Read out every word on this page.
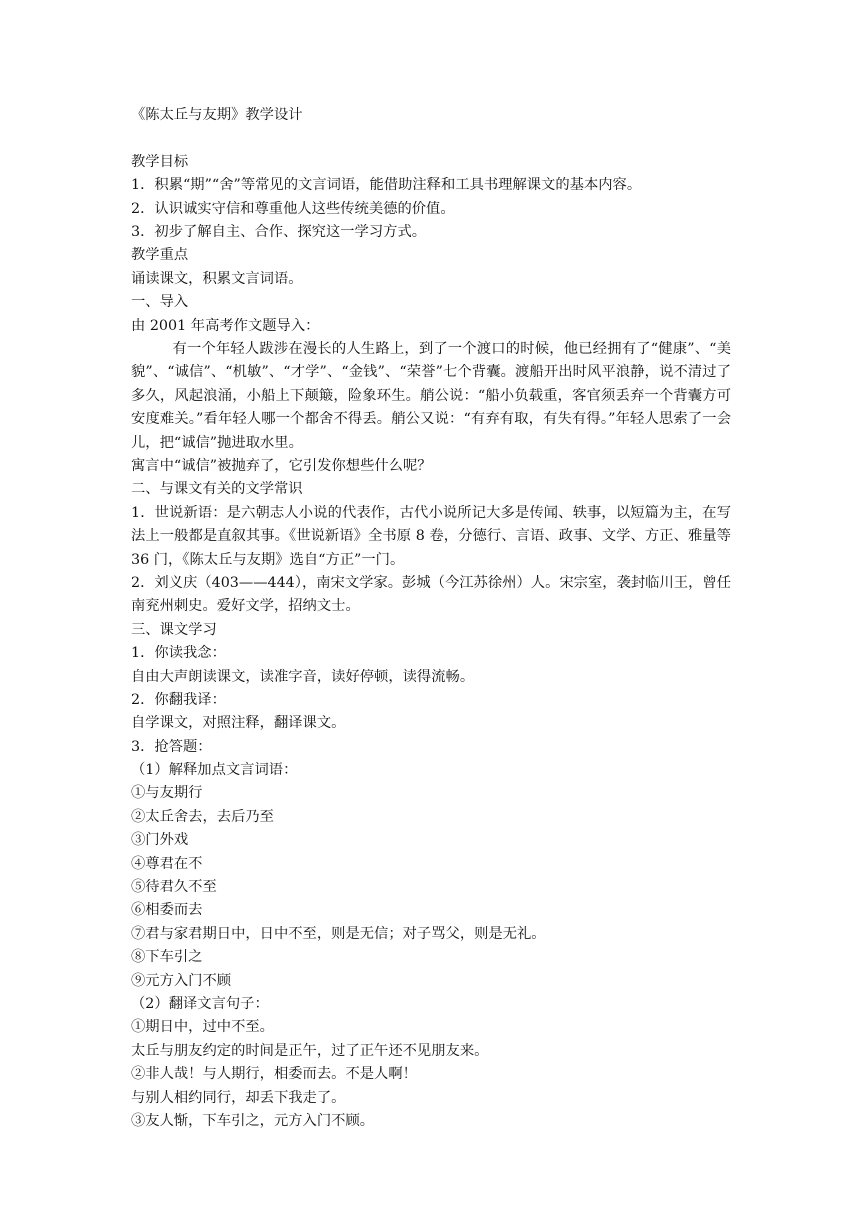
《陈太丘与友期》教学设计
教学目标
1．积累“期”“舍”等常见的文言词语，能借助注释和工具书理解课文的基本内容。
2．认识诚实守信和尊重他人这些传统美德的价值。
3．初步了解自主、合作、探究这一学习方式。
教学重点
诵读课文，积累文言词语。
一、导入
由 2001 年高考作文题导入：
有一个年轻人跋涉在漫长的人生路上，到了一个渡口的时候，他已经拥有了“健康”、“美貌”、“诚信”、“机敏”、“才学”、“金钱”、“荣誉”七个背囊。渡船开出时风平浪静，说不清过了多久，风起浪涌，小船上下颠簸，险象环生。艄公说：“船小负载重，客官须丢弃一个背囊方可安度难关。”看年轻人哪一个都舍不得丢。艄公又说：“有弃有取，有失有得。”年轻人思索了一会儿，把“诚信”抛进取水里。
寓言中“诚信”被抛弃了，它引发你想些什么呢？
二、与课文有关的文学常识
1．世说新语：是六朝志人小说的代表作，古代小说所记大多是传闻、轶事，以短篇为主，在写法上一般都是直叙其事。《世说新语》全书原 8 卷，分德行、言语、政事、文学、方正、雅量等 36 门，《陈太丘与友期》选自“方正”一门。
2．刘义庆（403——444），南宋文学家。彭城（今江苏徐州）人。宋宗室，袭封临川王，曾任南兖州刺史。爱好文学，招纳文士。
三、课文学习
1．你读我念：
自由大声朗读课文，读准字音，读好停顿，读得流畅。
2．你翻我译：
自学课文，对照注释，翻译课文。
3．抢答题：
（1）解释加点文言词语：
①与友期行
②太丘舍去，去后乃至
③门外戏
④尊君在不
⑤待君久不至
⑥相委而去
⑦君与家君期日中，日中不至，则是无信；对子骂父，则是无礼。
⑧下车引之
⑨元方入门不顾
（2）翻译文言句子：
①期日中，过中不至。
太丘与朋友约定的时间是正午，过了正午还不见朋友来。
②非人哉！与人期行，相委而去。不是人啊！
与别人相约同行，却丢下我走了。
③友人惭，下车引之，元方入门不顾。
